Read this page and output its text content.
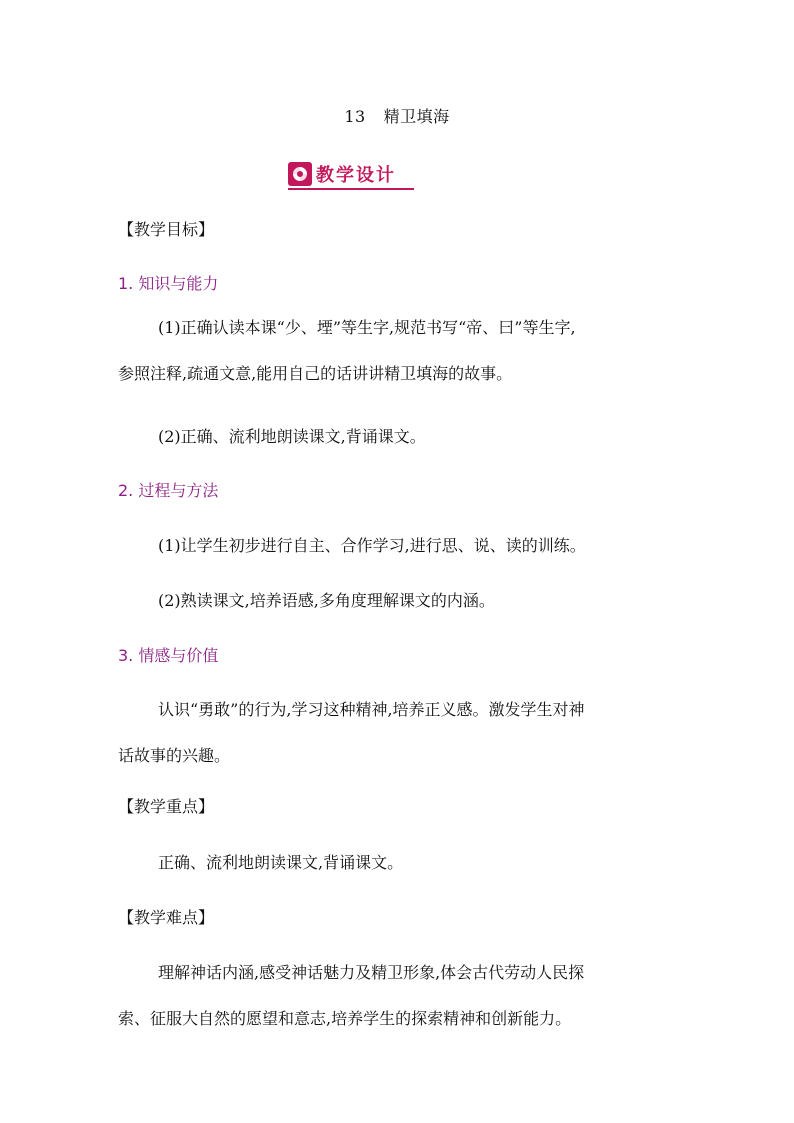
13 精卫填海
教学设计
【教学目标】
1. 知识与能力
(1)正确认读本课“少、堙”等生字,规范书写“帝、曰”等生字,
参照注释,疏通文意,能用自己的话讲讲精卫填海的故事。
(2)正确、流利地朗读课文,背诵课文。
2. 过程与方法
(1)让学生初步进行自主、合作学习,进行思、说、读的训练。
(2)熟读课文,培养语感,多角度理解课文的内涵。
3. 情感与价值
认识“勇敢”的行为,学习这种精神,培养正义感。激发学生对神
话故事的兴趣。
【教学重点】
正确、流利地朗读课文,背诵课文。
【教学难点】
理解神话内涵,感受神话魅力及精卫形象,体会古代劳动人民探
索、征服大自然的愿望和意志,培养学生的探索精神和创新能力。
